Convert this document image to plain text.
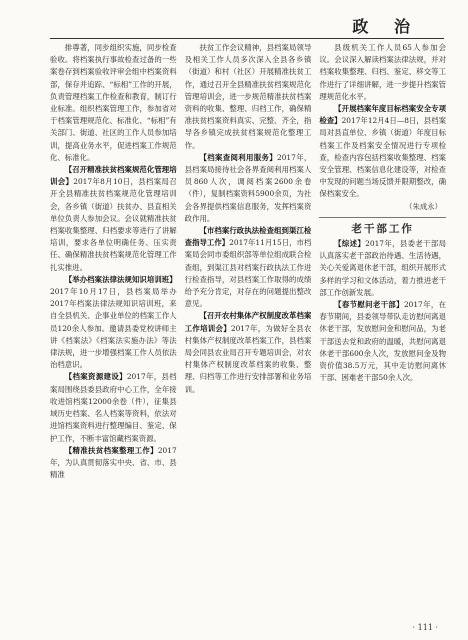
政 治

排尊著，同步组织实施，同步检查验收。将档案执行事故检查过备的一些案卷存到档案验收评审会组中档案资料部，保存并追踪、“标相”工作的开展，负责管理档案工作检查和教育，制订行业标准。组织档案管理工作，参加省对于档案管理规范化、标准化、“标相”有关部门、街道、社区的工作人员参加培训，提高业务水平，促进档案工作规范化、标准化。

【召开精准扶贫档案规范化管理培训会】2017年8月10日，县档案局召开全县精准扶贫档案规范化管理培训会，各乡镇（街道）扶贫办、县直相关单位负责人参加会议。会议就精准扶贫档案收集整理、归档要求等进行了讲解培训，要求各单位明确任务、压实责任、确保精准扶贫档案规范化管理工作扎实推进。

【举办档案法律法规知识培训班】2017年10月17日，县档案局举办2017年档案法律法规知识培训班，来自全县机关、企事业单位的档案工作人员120余人参加。邀请县委党校讲师主讲《档案法》《档案法实施办法》等法律法规，进一步增强档案工作人员依法治档意识。

【档案资源建设】2017年，县档案局围绕县委县政府中心工作，全年接收进馆档案12000余卷（件），征集县域历史档案、名人档案等资料，依法对进馆档案资料进行整理编目、鉴定、保护工作，不断丰富馆藏档案资源。

【精准扶贫档案整理工作】2017年，为认真贯彻落实中央、省、市、县精准

扶贫工作会议精神，县档案局领导及相关工作人员多次深入全县各乡镇（街道）和村（社区）开展精准扶贫工作，通过召开全县精准扶贫档案规范化管理培训会，进一步规范精准扶贫档案资料的收集、整理、归档工作，确保精准扶贫档案资料真实、完整、齐全，指导各乡镇完成扶贫档案规范化整理工作。

【档案查阅利用服务】2017年，县档案局接待社会各界查阅利用档案人员860人次，调阅档案2600余卷（件），复制档案资料5900余页，为社会各界提供档案信息服务，发挥档案资政作用。

【市档案行政执法检查组到渠江检查指导工作】2017年11月15日，市档案局会同市委组织部等单位组成联合检查组，到渠江县对档案行政执法工作进行检查指导，对县档案工作取得的成绩给予充分肯定，对存在的问题提出整改意见。

【召开农村集体产权制度改革档案工作培训会】2017年，为做好全县农村集体产权制度改革档案工作，县档案局会同县农业局召开专题培训会，对农村集体产权制度改革档案的收集、整理、归档等工作进行安排部署和业务培训。

县级机关工作人员65人参加会议。会议深入解读档案法律法规，并对档案收集整理、归档、鉴定、移交等工作进行了详细讲解，进一步提升档案管理规范化水平。

【开展档案年度目标档案安全专项检查】2017年12月4日—8日，县档案局对县直单位、乡镇（街道）年度目标档案工作及档案安全情况进行专项检查，检查内容包括档案收集整理、档案安全管理、档案信息化建设等，对检查中发现的问题当场反馈并限期整改，确保档案安全。

（朱成永）

老干部工作

【综述】2017年，县委老干部局认真落实老干部政治待遇、生活待遇，关心关爱离退休老干部，组织开展形式多样的学习和文体活动，着力推进老干部工作创新发展。

【春节慰问老干部】2017年，在春节期间，县委领导带队走访慰问离退休老干部，发放慰问金和慰问品，为老干部送去党和政府的温暖，共慰问离退休老干部600余人次，发放慰问金及物资价值38.5万元，其中走访慰问离休干部、困难老干部50余人次。

· 111 ·
